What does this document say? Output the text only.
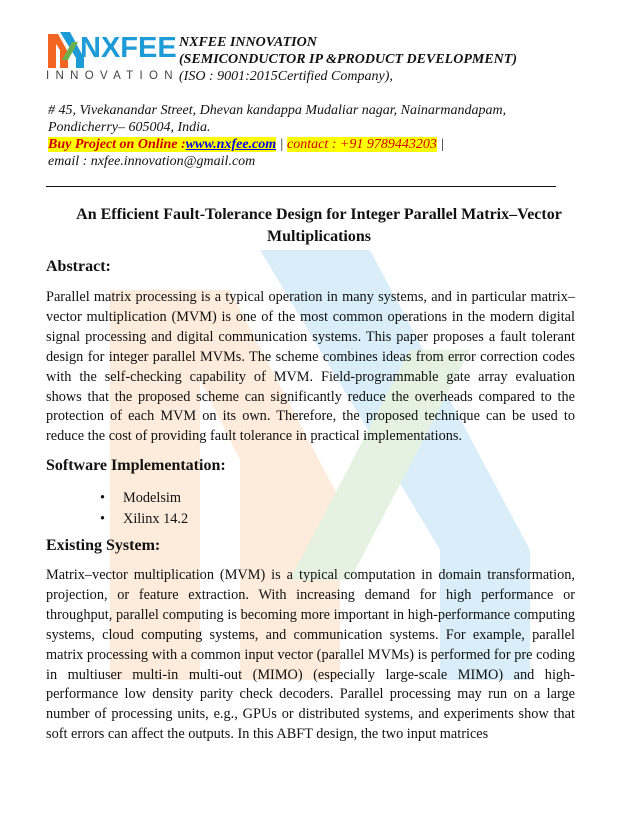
NXFEE
INNOVATION
NXFEE INNOVATION
(SEMICONDUCTOR IP &PRODUCT DEVELOPMENT)
(ISO : 9001:2015Certified Company),
# 45, Vivekanandar Street, Dhevan kandappa Mudaliar nagar, Nainarmandapam,
Pondicherry– 605004, India.
Buy Project on Online :www.nxfee.com | contact : +91 9789443203 |
email : nxfee.innovation@gmail.com
An Efficient Fault-Tolerance Design for Integer Parallel Matrix–Vector Multiplications
Abstract:
Parallel matrix processing is a typical operation in many systems, and in particular matrix–vector multiplication (MVM) is one of the most common operations in the modern digital signal processing and digital communication systems. This paper proposes a fault tolerant design for integer parallel MVMs. The scheme combines ideas from error correction codes with the self-checking capability of MVM. Field-programmable gate array evaluation shows that the proposed scheme can significantly reduce the overheads compared to the protection of each MVM on its own. Therefore, the proposed technique can be used to reduce the cost of providing fault tolerance in practical implementations.
Software Implementation:
• Modelsim
• Xilinx 14.2
Existing System:
Matrix–vector multiplication (MVM) is a typical computation in domain transformation, projection, or feature extraction. With increasing demand for high performance or throughput, parallel computing is becoming more important in high-performance computing systems, cloud computing systems, and communication systems. For example, parallel matrix processing with a common input vector (parallel MVMs) is performed for pre coding in multiuser multi-in multi-out (MIMO) (especially large-scale MIMO) and high-performance low density parity check decoders. Parallel processing may run on a large number of processing units, e.g., GPUs or distributed systems, and experiments show that soft errors can affect the outputs. In this ABFT design, the two input matrices
